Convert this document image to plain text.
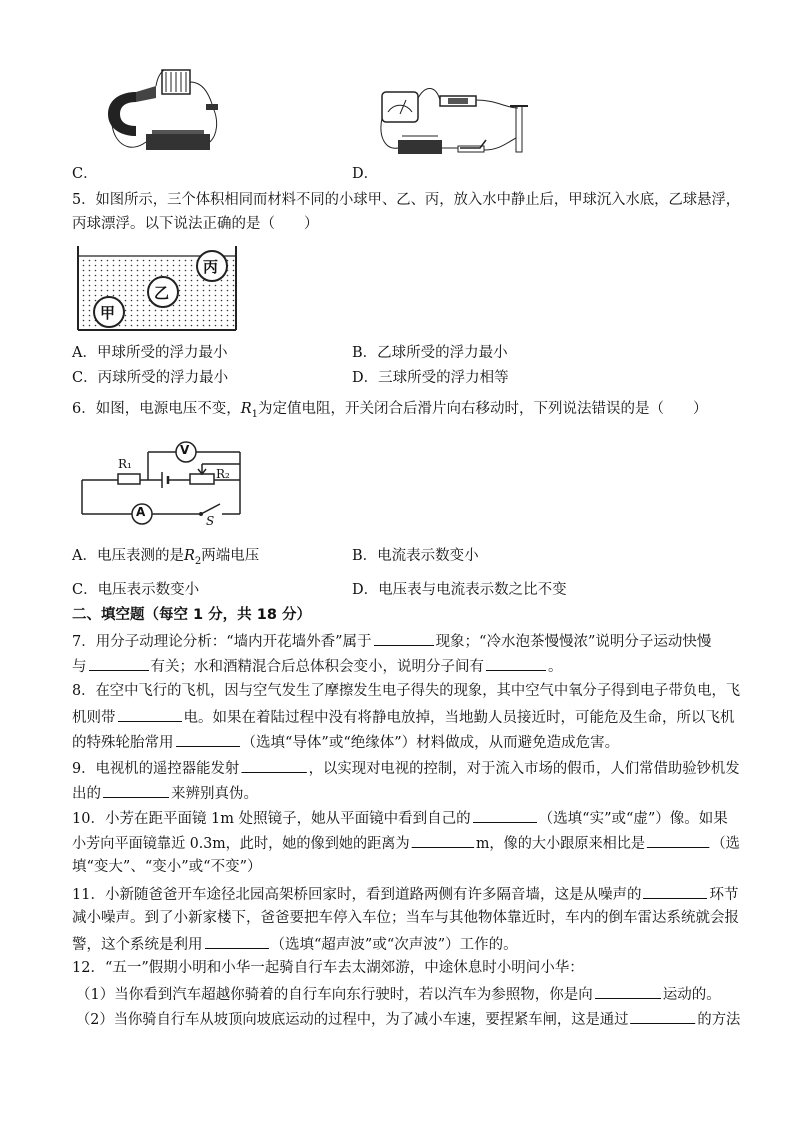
C．	D．
5．如图所示，三个体积相同而材料不同的小球甲、乙、丙，放入水中静止后，甲球沉入水底，乙球悬浮，
丙球漂浮。以下说法正确的是（　　）
甲
乙
丙
A．甲球所受的浮力最小	B．乙球所受的浮力最小
C．丙球所受的浮力最小	D．三球所受的浮力相等
6．如图，电源电压不变，$R_1$为定值电阻，开关闭合后滑片向右移动时，下列说法错误的是（　　）
V
A
S
R₁
R₂
A．电压表测的是$R_2$两端电压	B．电流表示数变小
C．电压表示数变小	D．电压表与电流表示数之比不变
二、填空题（每空 1 分，共 18 分）
7．用分子动理论分析：“墙内开花墙外香”属于	现象；“冷水泡茶慢慢浓”说明分子运动快慢
与	有关；水和酒精混合后总体积会变小，说明分子间有	。
8．在空中飞行的飞机，因与空气发生了摩擦发生电子得失的现象，其中空气中氧分子得到电子带负电，飞
机则带	电。如果在着陆过程中没有将静电放掉，当地勤人员接近时，可能危及生命，所以飞机
的特殊轮胎常用	（选填“导体”或“绝缘体”）材料做成，从而避免造成危害。
9．电视机的遥控器能发射	，以实现对电视的控制，对于流入市场的假币，人们常借助验钞机发
出的	来辨别真伪。
10．小芳在距平面镜 1m 处照镜子，她从平面镜中看到自己的	（选填“实”或“虚”）像。如果
小芳向平面镜靠近 0.3m，此时，她的像到她的距离为	m，像的大小跟原来相比是	（选
填“变大”、“变小”或“不变”）
11．小新随爸爸开车途径北园高架桥回家时，看到道路两侧有许多隔音墙，这是从噪声的	环节
减小噪声。到了小新家楼下，爸爸要把车停入车位；当车与其他物体靠近时，车内的倒车雷达系统就会报
警，这个系统是利用	（选填“超声波”或“次声波”）工作的。
12．“五一”假期小明和小华一起骑自行车去太湖郊游，中途休息时小明问小华：
（1）当你看到汽车超越你骑着的自行车向东行驶时，若以汽车为参照物，你是向	运动的。
（2）当你骑自行车从坡顶向坡底运动的过程中，为了减小车速，要捏紧车闸，这是通过	的方法
